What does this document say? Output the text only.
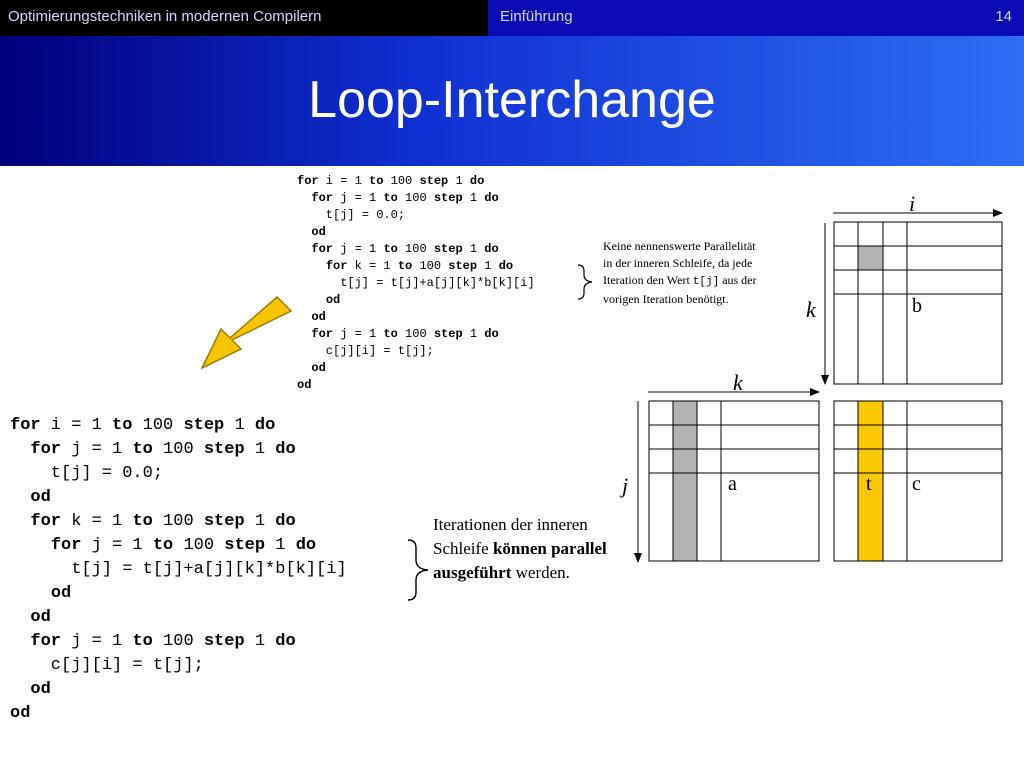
Optimierungstechniken in modernen Compilern	Einführung	14
Loop-Interchange
for i = 1 to 100 step 1 do
for j = 1 to 100 step 1 do
t[j] = 0.0;
od
for j = 1 to 100 step 1 do
for k = 1 to 100 step 1 do
t[j] = t[j]+a[j][k]*b[k][i]
od
od
for j = 1 to 100 step 1 do
c[j][i] = t[j];
od
od
for i = 1 to 100 step 1 do
for j = 1 to 100 step 1 do
t[j] = 0.0;
od
for k = 1 to 100 step 1 do
for j = 1 to 100 step 1 do
t[j] = t[j]+a[j][k]*b[k][i]
od
od
for j = 1 to 100 step 1 do
c[j][i] = t[j];
od
od

Keine nennenswerte Parallelität in der inneren Schleife, da jede Iteration den Wert t[j] aus der vorigen Iteration benötigt.

Iterationen der inneren Schleife können parallel ausgeführt werden.

i
k
k
j
b
a	t c
